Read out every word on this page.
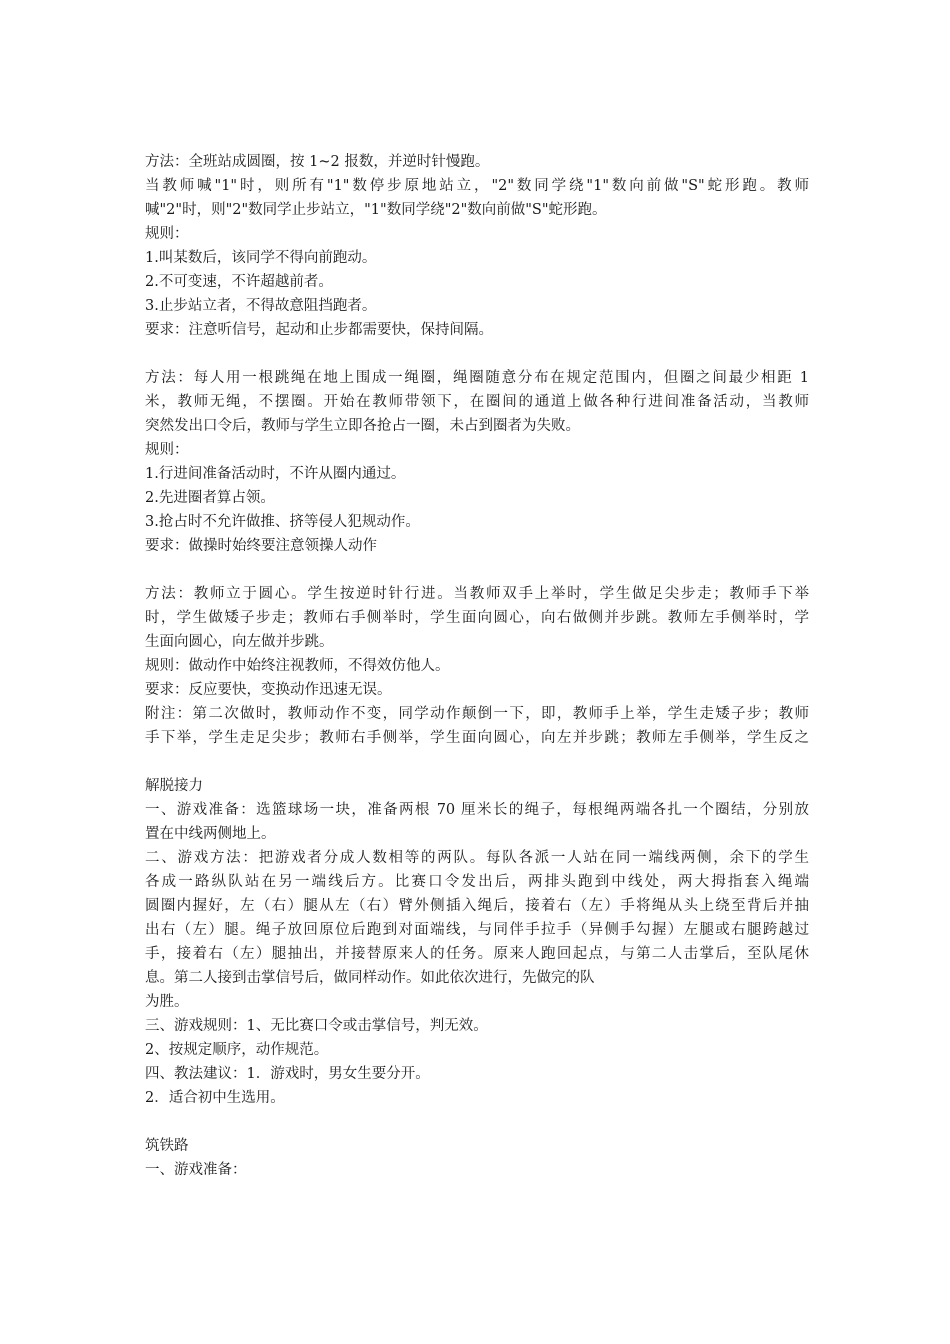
方法：全班站成圆圈，按 1~2 报数，并逆时针慢跑。
当教师喊"1"时，则所有"1"数停步原地站立，"2"数同学绕"1"数向前做"S"蛇形跑。教师
喊"2"时，则"2"数同学止步站立，"1"数同学绕"2"数向前做"S"蛇形跑。
规则：
1.叫某数后，该同学不得向前跑动。
2.不可变速，不许超越前者。
3.止步站立者，不得故意阻挡跑者。
要求：注意听信号，起动和止步都需要快，保持间隔。
方法：每人用一根跳绳在地上围成一绳圈，绳圈随意分布在规定范围内，但圈之间最少相距 1
米，教师无绳，不摆圈。开始在教师带领下，在圈间的通道上做各种行进间准备活动，当教师
突然发出口令后，教师与学生立即各抢占一圈，未占到圈者为失败。
规则：
1.行进间准备活动时，不许从圈内通过。
2.先进圈者算占领。
3.抢占时不允许做推、挤等侵人犯规动作。
要求：做操时始终要注意领操人动作
方法：教师立于圆心。学生按逆时针行进。当教师双手上举时，学生做足尖步走；教师手下举
时，学生做矮子步走；教师右手侧举时，学生面向圆心，向右做侧并步跳。教师左手侧举时，学
生面向圆心，向左做并步跳。
规则：做动作中始终注视教师，不得效仿他人。
要求：反应要快，变换动作迅速无误。
附注：第二次做时，教师动作不变，同学动作颠倒一下，即，教师手上举，学生走矮子步；教师
手下举，学生走足尖步；教师右手侧举，学生面向圆心，向左并步跳；教师左手侧举，学生反之
解脱接力
一、游戏准备：选篮球场一块，准备两根 70 厘米长的绳子，每根绳两端各扎一个圈结，分别放
置在中线两侧地上。
二、游戏方法：把游戏者分成人数相等的两队。每队各派一人站在同一端线两侧，余下的学生
各成一路纵队站在另一端线后方。比赛口令发出后，两排头跑到中线处，两大拇指套入绳端
圆圈内握好，左（右）腿从左（右）臂外侧插入绳后，接着右（左）手将绳从头上绕至背后并抽
出右（左）腿。绳子放回原位后跑到对面端线，与同伴手拉手（异侧手勾握）左腿或右腿跨越过
手，接着右（左）腿抽出，并接替原来人的任务。原来人跑回起点，与第二人击掌后，至队尾休
息。第二人接到击掌信号后，做同样动作。如此依次进行，先做完的队
为胜。
三、游戏规则：1、无比赛口令或击掌信号，判无效。
2、按规定顺序，动作规范。
四、教法建议：1．游戏时，男女生要分开。
2．适合初中生选用。
筑铁路
一、游戏准备：
